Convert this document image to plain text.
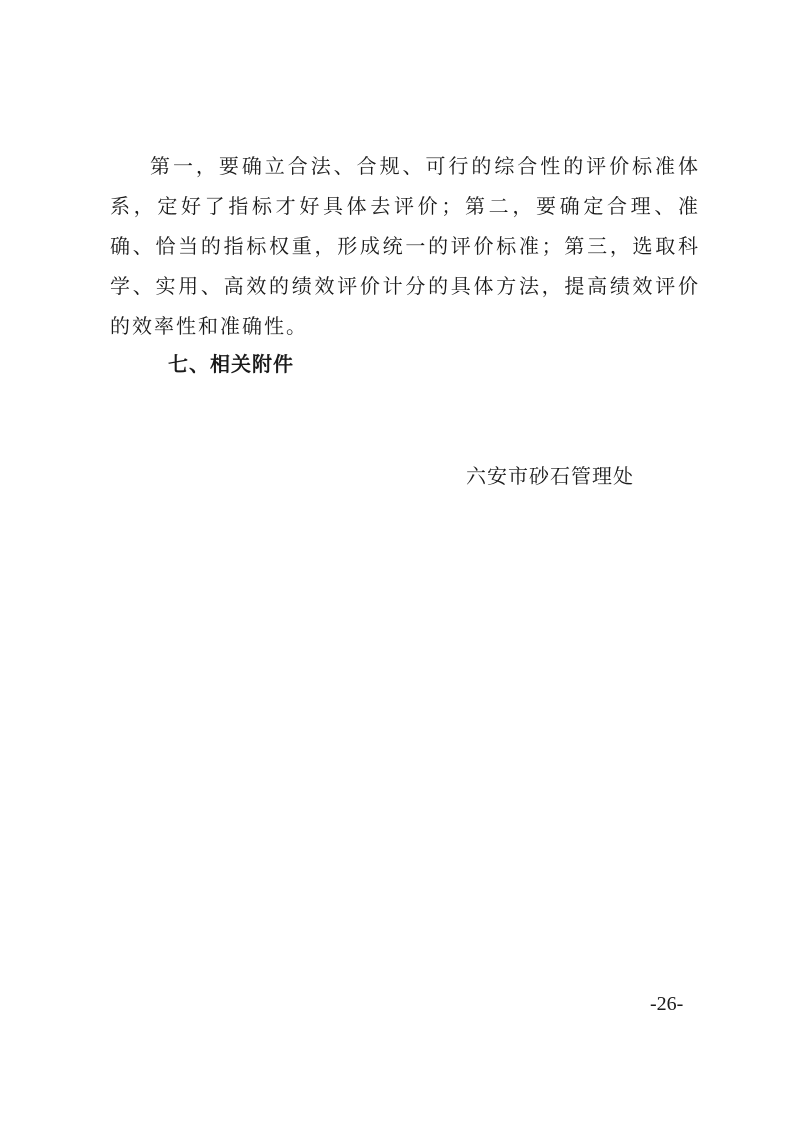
第一，要确立合法、合规、可行的综合性的评价标准体系，定好了指标才好具体去评价；第二，要确定合理、准确、恰当的指标权重，形成统一的评价标准；第三，选取科学、实用、高效的绩效评价计分的具体方法，提高绩效评价的效率性和准确性。

七、相关附件

六安市砂石管理处

-26-
